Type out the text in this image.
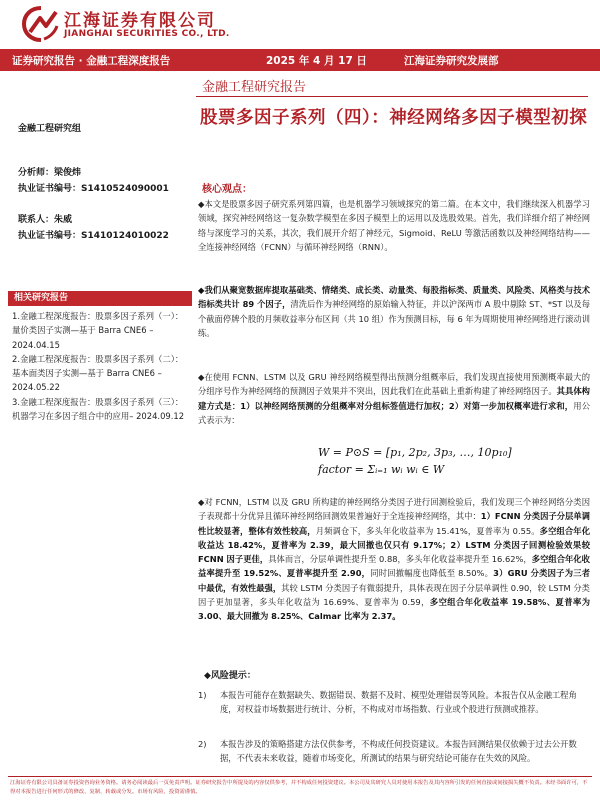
江海证券有限公司
JIANGHAI SECURITIES CO., LTD.
证券研究报告 · 金融工程深度报告	2025 年 4 月 17 日	江海证券研究发展部
金融工程研究报告
股票多因子系列（四）：神经网络多因子模型初探
金融工程研究组
分析师：梁俊炜
执业证书编号：S1410524090001
联系人：朱威
执业证书编号：S1410124010022
相关研究报告
1.金融工程深度报告：股票多因子系列（一）：量价类因子实测—基于 Barra CNE6 – 2024.04.15
2.金融工程深度报告：股票多因子系列（二）：基本面类因子实测—基于 Barra CNE6 – 2024.05.22
3.金融工程深度报告：股票多因子系列（三）：机器学习在多因子组合中的应用– 2024.09.12
核心观点：
◆本文是股票多因子研究系列第四篇，也是机器学习领域探究的第二篇。在本文中，我们继续深入机器学习领域，探究神经网络这一复杂数学模型在多因子模型上的运用以及选股效果。首先，我们详细介绍了神经网络与深度学习的关系，其次，我们展开介绍了神经元，Sigmoid、ReLU 等激活函数以及神经网络结构——全连接神经网络（FCNN）与循环神经网络（RNN）。
◆我们从聚宽数据库提取基础类、情绪类、成长类、动量类、每股指标类、质量类、风险类、风格类与技术指标类共计 89 个因子，清洗后作为神经网络的原始输入特征，并以沪深两市 A 股中剔除 ST、*ST 以及每个截面停牌个股的月频收益率分布区间（共 10 组）作为预测目标，每 6 年为周期使用神经网络进行滚动训练。
◆在使用 FCNN、LSTM 以及 GRU 神经网络模型得出预测分组概率后，我们发现直接使用预测概率最大的分组序号作为神经网络的预测因子效果并不突出，因此我们在此基础上重新构建了神经网络因子。其具体构建方式是：1）以神经网络预测的分组概率对分组标签值进行加权；2）对第一步加权概率进行求和，用公式表示为：
W = P⊙S = [p₁, 2p₂, 3p₃, …, 10p₁₀]
factor = Σᵢ₌₁ wᵢ wᵢ ∈ W
◆对 FCNN，LSTM 以及 GRU 所构建的神经网络分类因子进行回测检验后，我们发现三个神经网络分类因子表现都十分优异且循环神经网络回测效果普遍好于全连接神经网络，其中：1）FCNN 分类因子分层单调性比较显著，整体有效性较高，月频调仓下，多头年化收益率为 15.41%，夏普率为 0.55。多空组合年化收益达 18.42%，夏普率为 2.39，最大回撤也仅只有 9.17%；2）LSTM 分类因子回测检验效果较 FCNN 因子更佳，具体而言，分层单调性提升至 0.88，多头年化收益率提升至 16.62%，多空组合年化收益率提升至 19.52%、夏普率提升至 2.90，同时回撤幅度也降低至 8.50%。3）GRU 分类因子为三者中最优，有效性最强，其较 LSTM 分类因子有微弱提升，具体表现在因子分层单调性 0.90，较 LSTM 分类因子更加显著，多头年化收益为 16.69%、夏普率为 0.59，多空组合年化收益率 19.58%、夏普率为 3.00、最大回撤为 8.25%、Calmar 比率为 2.37。
◆风险提示：
1) 本报告可能存在数据缺失、数据错误、数据不及时、模型处理错误等风险。本报告仅从金融工程角度，对权益市场数据进行统计、分析，不构成对市场指数、行业或个股进行预测或推荐。
2) 本报告涉及的策略搭建方法仅供参考，不构成任何投资建议。本报告回测结果仅依赖于过去公开数据，不代表未来收益，随着市场变化，所测试的结果与研究结论可能存在失效的风险。
江海证券有限公司具备证券投资咨询业务资格。请务必阅读最后一页免责声明。证券研究报告中所提及的内容仅供参考，并不构成任何投资建议。本公司及其研究人员对使用本报告及其内容所引发的任何直接或间接损失概不负责。未经书面许可，不得对本报告进行任何形式的修改、复制、转载或分发。市场有风险，投资需谨慎。
